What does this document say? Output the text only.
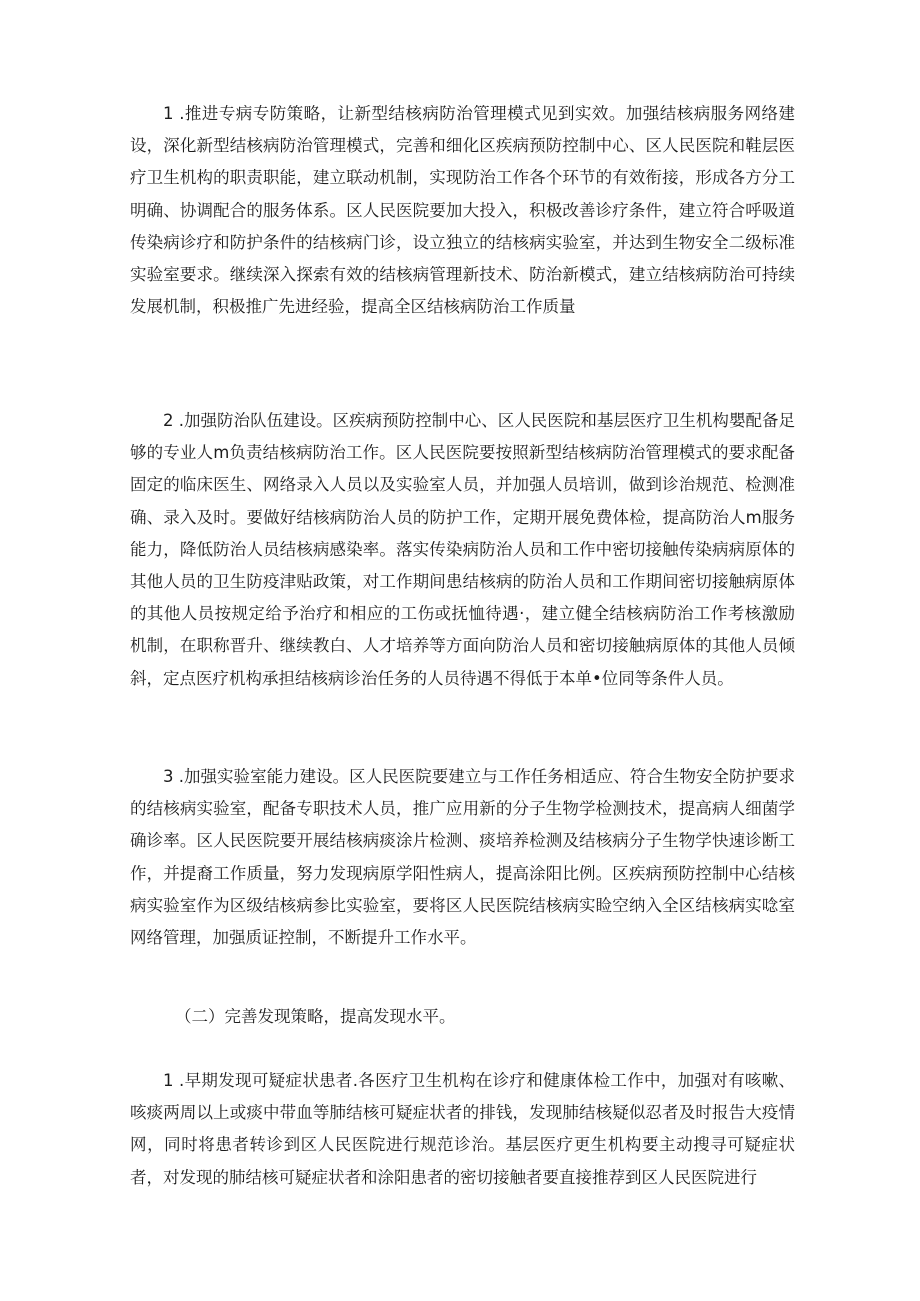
1 .推进专病专防策略，让新型结核病防治管理模式见到实效。加强结核病服务网络建设，深化新型结核病防治管理模式，完善和细化区疾病预防控制中心、区人民医院和鞋层医疗卫生机构的职责职能，建立联动机制，实现防治工作各个环节的有效衔接，形成各方分工明确、协调配合的服务体系。区人民医院要加大投入，积极改善诊疗条件，建立符合呼吸道传染病诊疗和防护条件的结核病门诊，设立独立的结核病实验室，并达到生物安全二级标准实验室要求。继续深入探索有效的结核病管理新技术、防治新模式，建立结核病防治可持续发展机制，积极推广先进经验，提高全区结核病防治工作质量

2 .加强防治队伍建设。区疾病预防控制中心、区人民医院和基层医疗卫生机构嬰配备足够的专业人m负责结核病防治工作。区人民医院要按照新型结核病防治管理模式的要求配备固定的临床医生、网络录入人员以及实验室人员，并加强人员培训，做到诊治规范、检测准确、录入及时。要做好结核病防治人员的防护工作，定期开展免费体检，提高防治人m服务能力，降低防治人员结核病感染率。落实传染病防治人员和工作中密切接触传染病病原体的其他人员的卫生防疫津贴政策，对工作期间患结核病的防治人员和工作期间密切接触病原体的其他人员按规定给予治疗和相应的工伤或抚恤待遇·，建立健全结核病防治工作考核激励机制，在职称晋升、继续教白、人才培养等方面向防治人员和密切接触病原体的其他人员倾斜，定点医疗机构承担结核病诊治任务的人员待遇不得低于本单•位同等条件人员。

3 .加强实验室能力建设。区人民医院要建立与工作任务相适应、符合生物安全防护要求的结核病实验室，配备专职技术人员，推广应用新的分子生物学检测技术，提高病人细菌学确诊率。区人民医院要开展结核病痰涂片检测、痰培养检测及结核病分子生物学快速诊断工作，并提裔工作质量，努力发现病原学阳性病人，提高涂阳比例。区疾病预防控制中心结核病实验室作为区级结核病参比实验室，要将区人民医院结核病实睑空纳入全区结核病实唸室网络管理，加强质证控制，不断提升工作水平。

（二）完善发现策略，提高发现水平。

1 .早期发现可疑症状患者.各医疗卫生机构在诊疗和健康体检工作中，加强对有咳嗽、咳痰两周以上或痰中带血等肺结核可疑症状者的排钱，发现肺结核疑似忍者及时报告大疫情网，同时将患者转诊到区人民医院进行规范诊治。基层医疗更生机构要主动搜寻可疑症状者，对发现的肺结核可疑症状者和涂阳患者的密切接触者要直接推荐到区人民医院进行
